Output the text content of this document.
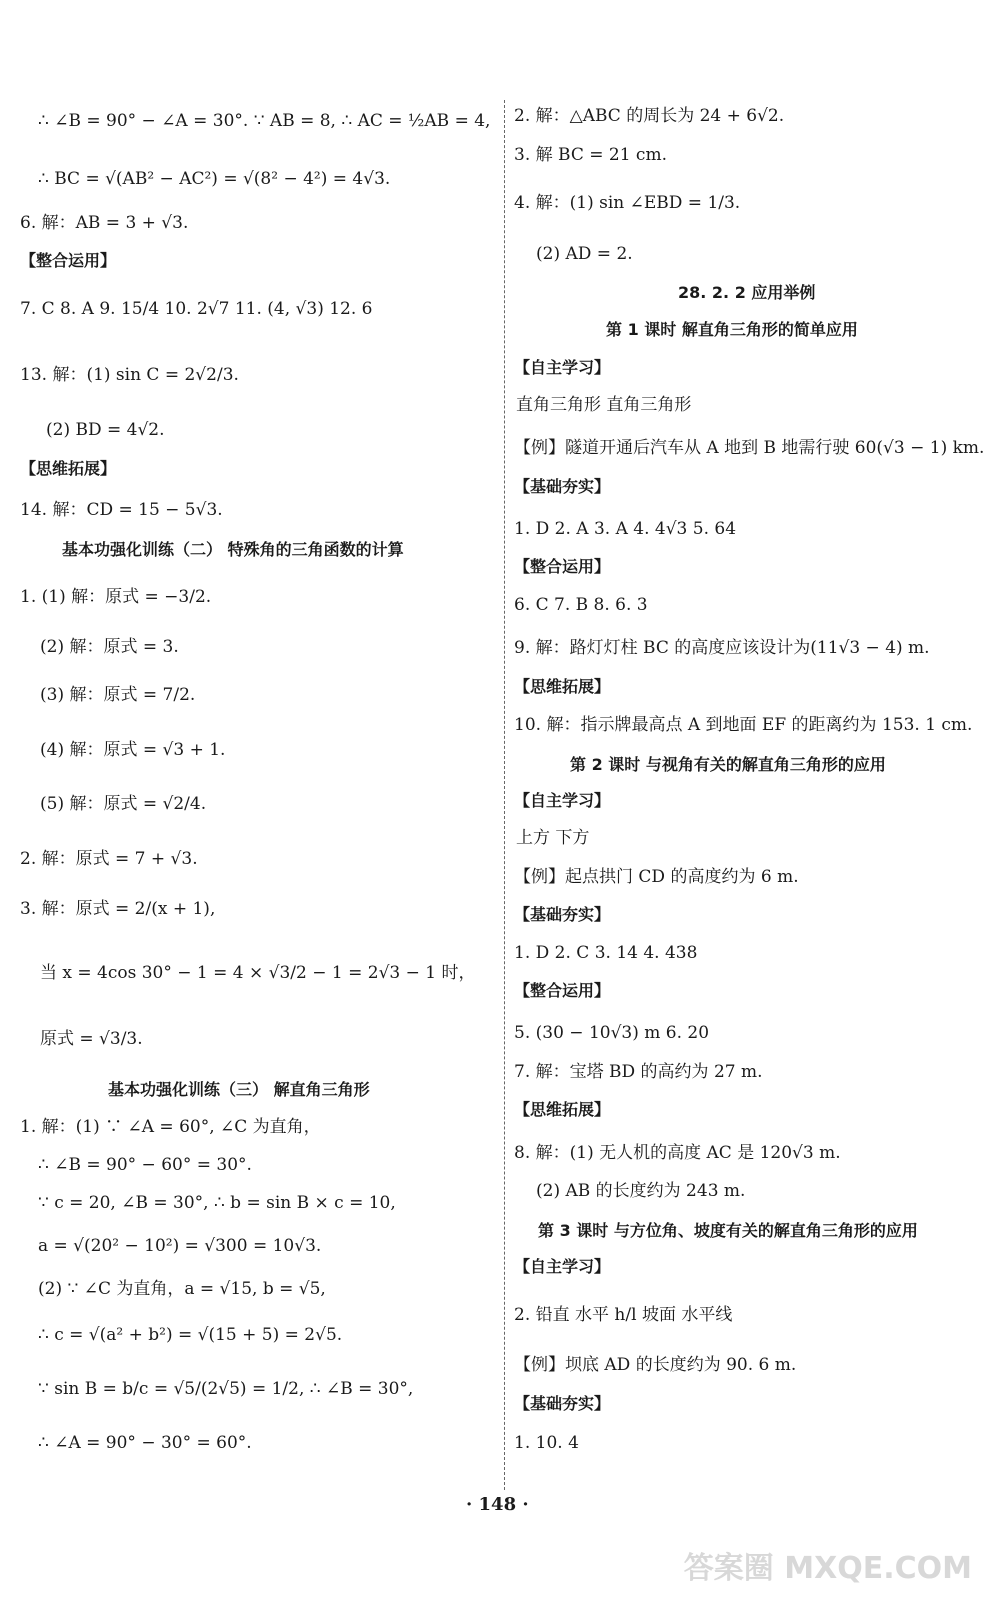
∴ ∠B = 90° − ∠A = 30°. ∵ AB = 8, ∴ AC = ½AB = 4,
∴ BC = √(AB² − AC²) = √(8² − 4²) = 4√3.
6. 解：AB = 3 + √3.
【整合运用】
7. C 8. A 9. 15/4 10. 2√7 11. (4, √3) 12. 6
13. 解：(1) sin C = 2√2/3.
(2) BD = 4√2.
【思维拓展】
14. 解：CD = 15 − 5√3.
基本功强化训练（二） 特殊角的三角函数的计算
1. (1) 解：原式 = −3/2.
(2) 解：原式 = 3.
(3) 解：原式 = 7/2.
(4) 解：原式 = √3 + 1.
(5) 解：原式 = √2/4.
2. 解：原式 = 7 + √3.
3. 解：原式 = 2/(x + 1),
当 x = 4cos 30° − 1 = 4 × √3/2 − 1 = 2√3 − 1 时，
原式 = √3/3.
基本功强化训练（三） 解直角三角形
1. 解：(1) ∵ ∠A = 60°, ∠C 为直角，
∴ ∠B = 90° − 60° = 30°.
∵ c = 20, ∠B = 30°, ∴ b = sin B × c = 10,
a = √(20² − 10²) = √300 = 10√3.
(2) ∵ ∠C 为直角，a = √15, b = √5,
∴ c = √(a² + b²) = √(15 + 5) = 2√5.
∵ sin B = b/c = √5/(2√5) = 1/2, ∴ ∠B = 30°,
∴ ∠A = 90° − 30° = 60°.
2. 解：△ABC 的周长为 24 + 6√2.
3. 解 BC = 21 cm.
4. 解：(1) sin ∠EBD = 1/3.
(2) AD = 2.
28. 2. 2 应用举例
第 1 课时 解直角三角形的简单应用
【自主学习】
直角三角形 直角三角形
【例】隧道开通后汽车从 A 地到 B 地需行驶 60(√3 − 1) km.
【基础夯实】
1. D 2. A 3. A 4. 4√3 5. 64
【整合运用】
6. C 7. B 8. 6. 3
9. 解：路灯灯柱 BC 的高度应该设计为(11√3 − 4) m.
【思维拓展】
10. 解：指示牌最高点 A 到地面 EF 的距离约为 153. 1 cm.
第 2 课时 与视角有关的解直角三角形的应用
【自主学习】
上方 下方
【例】起点拱门 CD 的高度约为 6 m.
【基础夯实】
1. D 2. C 3. 14 4. 438
【整合运用】
5. (30 − 10√3) m 6. 20
7. 解：宝塔 BD 的高约为 27 m.
【思维拓展】
8. 解：(1) 无人机的高度 AC 是 120√3 m.
(2) AB 的长度约为 243 m.
第 3 课时 与方位角、坡度有关的解直角三角形的应用
【自主学习】
2. 铅直 水平 h/l 坡面 水平线
【例】坝底 AD 的长度约为 90. 6 m.
【基础夯实】
1. 10. 4
· 148 ·
答案圈 MXQE.COM
